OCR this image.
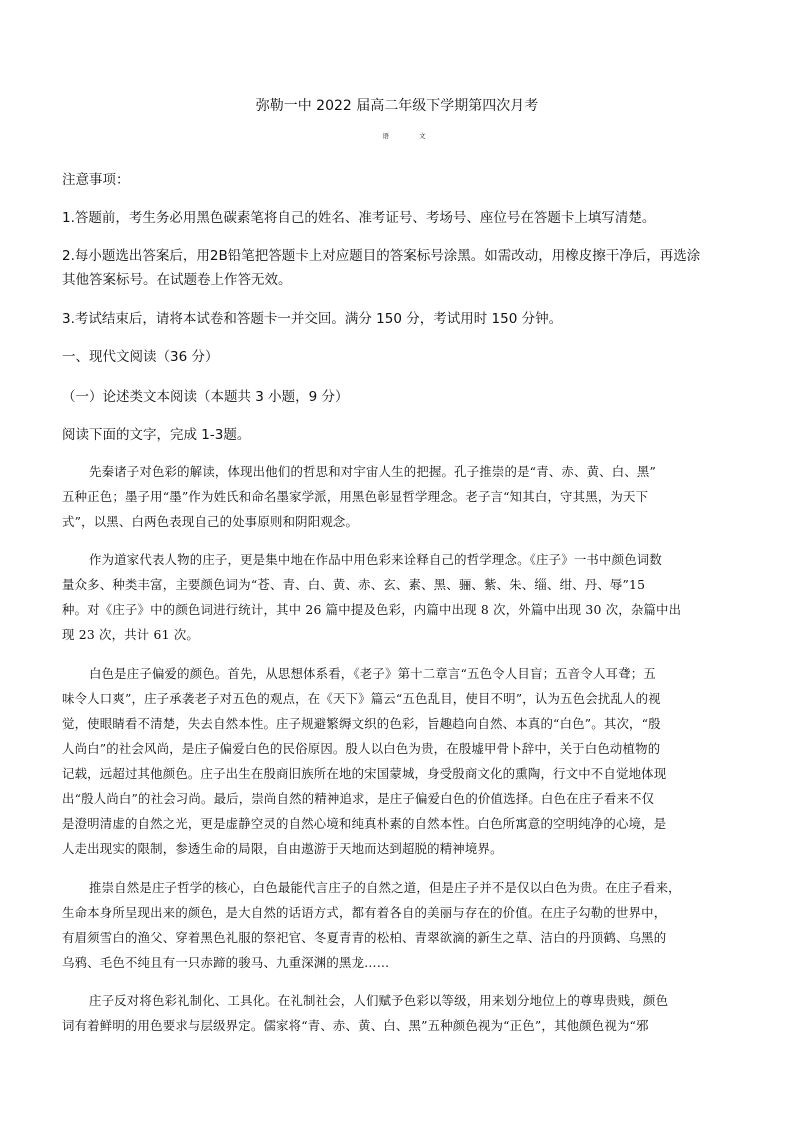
弥勒一中 2022 届高二年级下学期第四次月考
语 文
注意事项：
1.答题前，考生务必用黑色碳素笔将自己的姓名、准考证号、考场号、座位号在答题卡上填写清楚。
2.每小题选出答案后，用2B铅笔把答题卡上对应题目的答案标号涂黑。如需改动，用橡皮擦干净后，再选涂
其他答案标号。在试题卷上作答无效。
3.考试结束后，请将本试卷和答题卡一并交回。满分 150 分，考试用时 150 分钟。
一、现代文阅读（36 分）
（一）论述类文本阅读（本题共 3 小题，9 分）
阅读下面的文字，完成 1-3题。
先秦诸子对色彩的解读，体现出他们的哲思和对宇宙人生的把握。孔子推崇的是“青、赤、黄、白、黑”
五种正色；墨子用“墨”作为姓氏和命名墨家学派，用黑色彰显哲学理念。老子言“知其白，守其黑，为天下
式”，以黑、白两色表现自己的处事原则和阴阳观念。
作为道家代表人物的庄子，更是集中地在作品中用色彩来诠释自己的哲学理念。《庄子》一书中颜色词数
量众多、种类丰富，主要颜色词为“苍、青、白、黄、赤、玄、素、黑、骊、紫、朱、缁、绀、丹、辱”15
种。对《庄子》中的颜色词进行统计，其中 26 篇中提及色彩，内篇中出现 8 次，外篇中出现 30 次，杂篇中出
现 23 次，共计 61 次。
白色是庄子偏爱的颜色。首先，从思想体系看，《老子》第十二章言“五色令人目盲；五音令人耳聋；五
味令人口爽”，庄子承袭老子对五色的观点，在《天下》篇云“五色乱目，使目不明”，认为五色会扰乱人的视
觉，使眼睛看不清楚，失去自然本性。庄子规避繁缛文织的色彩，旨趣趋向自然、本真的“白色”。其次，“殷
人尚白”的社会风尚，是庄子偏爱白色的民俗原因。殷人以白色为贵，在殷墟甲骨卜辞中，关于白色动植物的
记载，远超过其他颜色。庄子出生在殷商旧族所在地的宋国蒙城，身受殷商文化的熏陶，行文中不自觉地体现
出“殷人尚白”的社会习尚。最后，崇尚自然的精神追求，是庄子偏爱白色的价值选择。白色在庄子看来不仅
是澄明清虚的自然之光，更是虚静空灵的自然心境和纯真朴素的自然本性。白色所寓意的空明纯净的心境，是
人走出现实的限制，参透生命的局限，自由遨游于天地而达到超脱的精神境界。
推崇自然是庄子哲学的核心，白色最能代言庄子的自然之道，但是庄子并不是仅以白色为贵。在庄子看来，
生命本身所呈现出来的颜色，是大自然的话语方式，都有着各自的美丽与存在的价值。在庄子勾勒的世界中，
有眉须雪白的渔父、穿着黑色礼服的祭祀官、冬夏青青的松柏、青翠欲滴的新生之草、洁白的丹顶鹤、乌黑的
乌鸦、毛色不纯且有一只赤蹄的骏马、九重深渊的黑龙……
庄子反对将色彩礼制化、工具化。在礼制社会，人们赋予色彩以等级，用来划分地位上的尊卑贵贱，颜色
词有着鲜明的用色要求与层级界定。儒家将“青、赤、黄、白、黑”五种颜色视为“正色”，其他颜色视为“邪
